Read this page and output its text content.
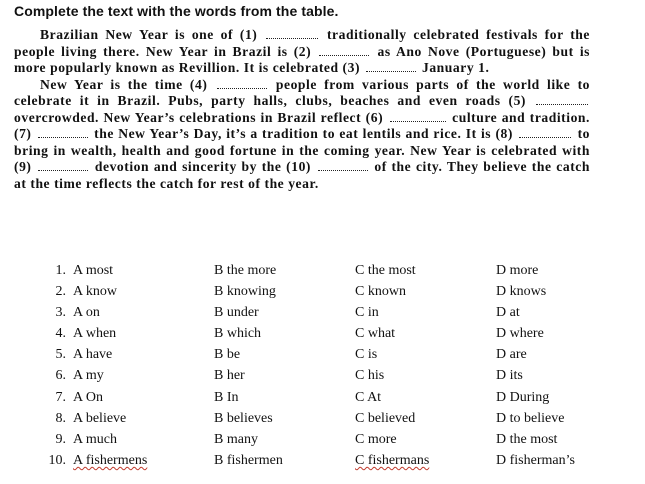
Complete the text with the words from the table.

Brazilian New Year is one of (1)	traditionally celebrated festivals for the people living there. New Year in Brazil is (2)	as Ano Nove (Portuguese) but is more popularly known as Revillion. It is celebrated (3)	January 1.

New Year is the time (4)	people from various parts of the world like to celebrate it in Brazil. Pubs, party halls, clubs, beaches and even roads (5)  overcrowded. New Year’s celebrations in Brazil reflect (6)	culture and tradition. (7)	the New Year’s Day, it’s a tradition to eat lentils and rice. It is (8)	to bring in wealth, health and good fortune in the coming year. New Year is celebrated with (9)	devotion and sincerity by the (10)	of the city. They believe the catch at the time reflects the catch for rest of the year.

1. A most	B the more	C the most	D more
2. A know	B knowing	C known	D knows
3. A on	B under	C in	D at
4. A when	B which	C what	D where
5. A have	B be	C is	D are
6. A my	B her	C his	D its
7. A On	B In	C At	D During
8. A believe	B believes	C believed	D to believe
9. A much	B many	C more	D the most
10. A fishermens	B fishermen	C fishermans	D fisherman’s
